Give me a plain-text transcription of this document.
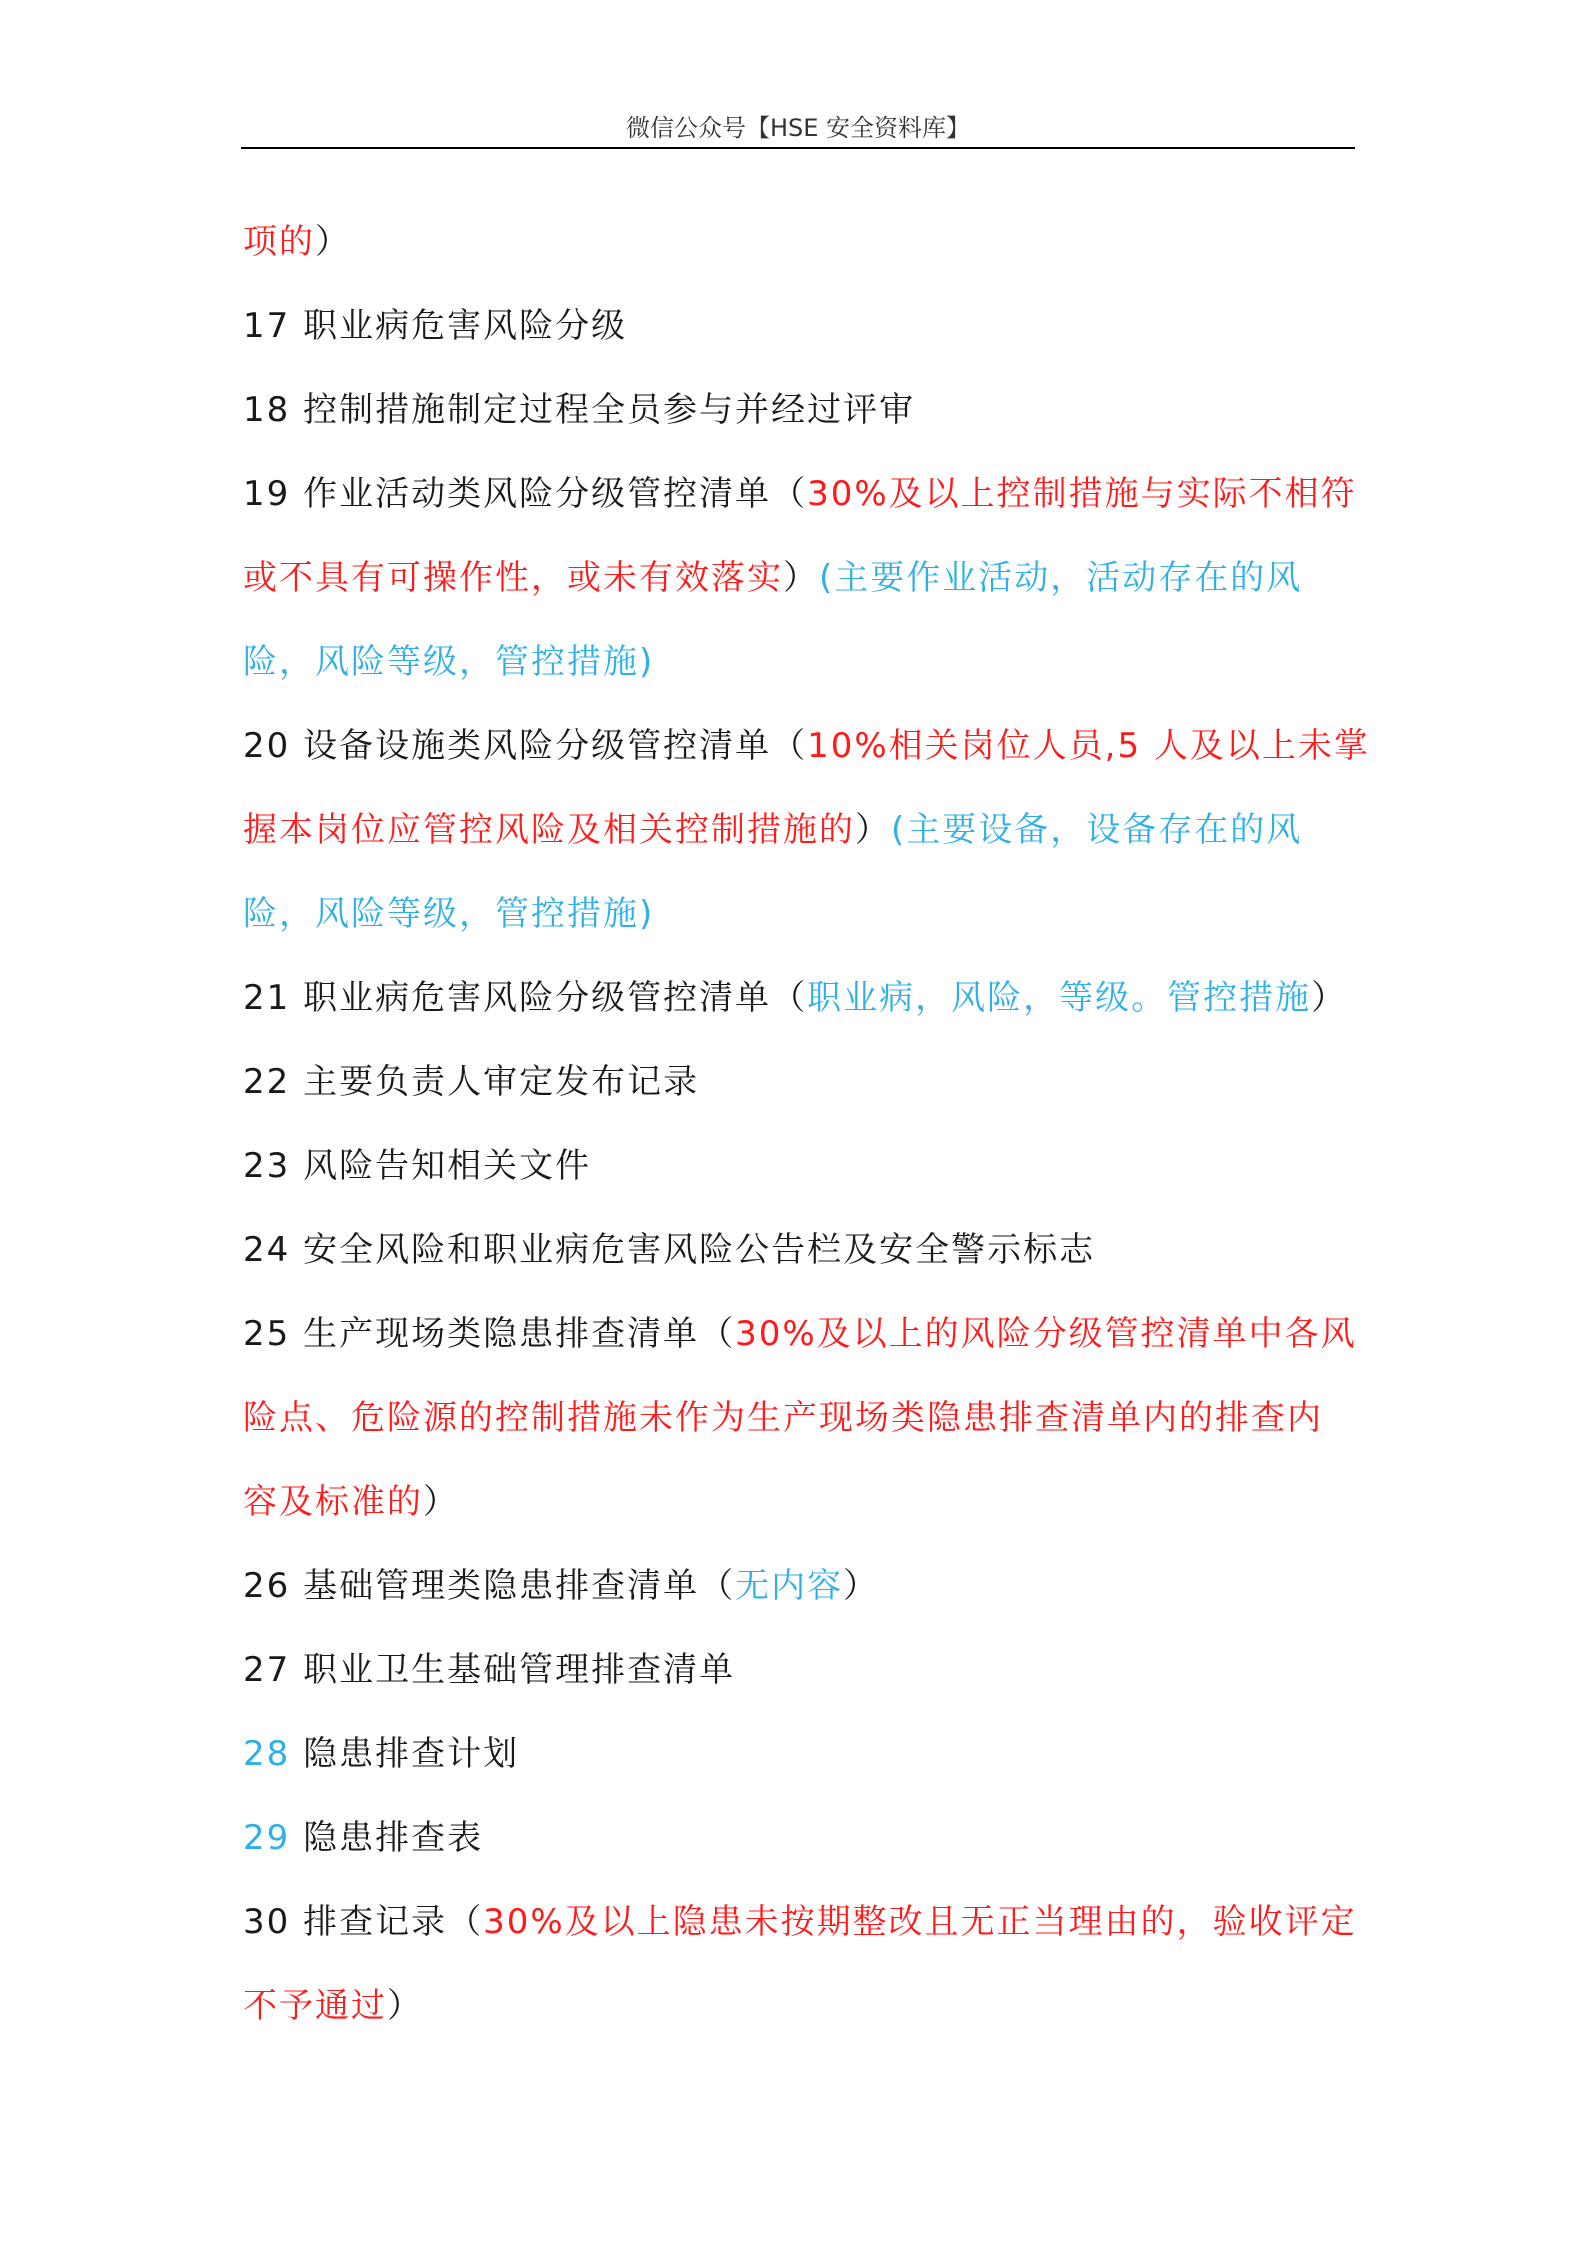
微信公众号【HSE 安全资料库】

项的）

17 职业病危害风险分级

18 控制措施制定过程全员参与并经过评审

19 作业活动类风险分级管控清单（30%及以上控制措施与实际不相符

或不具有可操作性，或未有效落实）(主要作业活动，活动存在的风

险，风险等级，管控措施)

20 设备设施类风险分级管控清单（10%相关岗位人员,5 人及以上未掌

握本岗位应管控风险及相关控制措施的）(主要设备，设备存在的风

险，风险等级，管控措施)

21 职业病危害风险分级管控清单（职业病，风险，等级。管控措施）

22 主要负责人审定发布记录

23 风险告知相关文件

24 安全风险和职业病危害风险公告栏及安全警示标志

25 生产现场类隐患排查清单（30%及以上的风险分级管控清单中各风

险点、危险源的控制措施未作为生产现场类隐患排查清单内的排查内

容及标准的）

26 基础管理类隐患排查清单（无内容）

27 职业卫生基础管理排查清单

28 隐患排查计划

29 隐患排查表

30 排查记录（30%及以上隐患未按期整改且无正当理由的，验收评定

不予通过）
